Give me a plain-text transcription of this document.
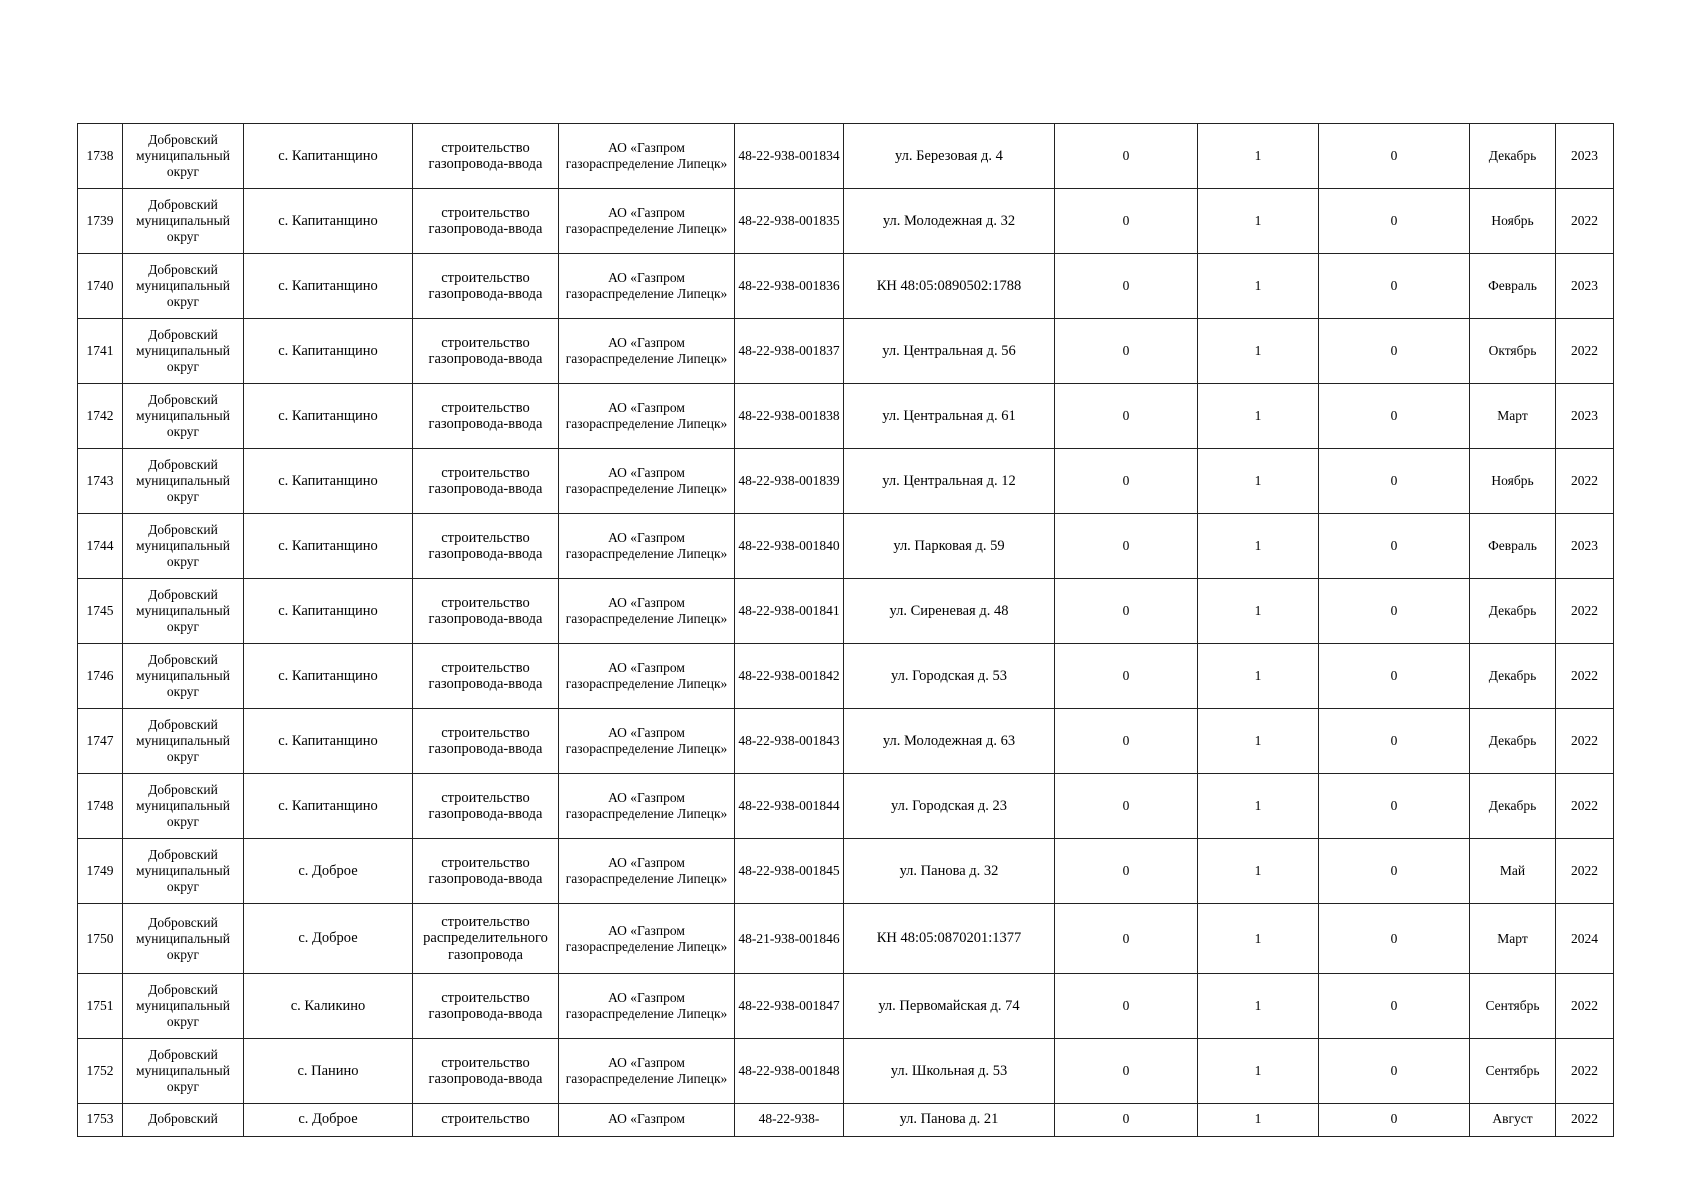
1738	Добровский муниципальный округ	с. Капитанщино	строительство газопровода-ввода	АО «Газпром газораспределение Липецк»	48-22-938-001834	ул. Березовая д. 4	0	1	0	Декабрь	2023
1739	Добровский муниципальный округ	с. Капитанщино	строительство газопровода-ввода	АО «Газпром газораспределение Липецк»	48-22-938-001835	ул. Молодежная д. 32	0	1	0	Ноябрь	2022
1740	Добровский муниципальный округ	с. Капитанщино	строительство газопровода-ввода	АО «Газпром газораспределение Липецк»	48-22-938-001836	КН 48:05:0890502:1788	0	1	0	Февраль	2023
1741	Добровский муниципальный округ	с. Капитанщино	строительство газопровода-ввода	АО «Газпром газораспределение Липецк»	48-22-938-001837	ул. Центральная д. 56	0	1	0	Октябрь	2022
1742	Добровский муниципальный округ	с. Капитанщино	строительство газопровода-ввода	АО «Газпром газораспределение Липецк»	48-22-938-001838	ул. Центральная д. 61	0	1	0	Март	2023
1743	Добровский муниципальный округ	с. Капитанщино	строительство газопровода-ввода	АО «Газпром газораспределение Липецк»	48-22-938-001839	ул. Центральная д. 12	0	1	0	Ноябрь	2022
1744	Добровский муниципальный округ	с. Капитанщино	строительство газопровода-ввода	АО «Газпром газораспределение Липецк»	48-22-938-001840	ул. Парковая д. 59	0	1	0	Февраль	2023
1745	Добровский муниципальный округ	с. Капитанщино	строительство газопровода-ввода	АО «Газпром газораспределение Липецк»	48-22-938-001841	ул. Сиреневая д. 48	0	1	0	Декабрь	2022
1746	Добровский муниципальный округ	с. Капитанщино	строительство газопровода-ввода	АО «Газпром газораспределение Липецк»	48-22-938-001842	ул. Городская д. 53	0	1	0	Декабрь	2022
1747	Добровский муниципальный округ	с. Капитанщино	строительство газопровода-ввода	АО «Газпром газораспределение Липецк»	48-22-938-001843	ул. Молодежная д. 63	0	1	0	Декабрь	2022
1748	Добровский муниципальный округ	с. Капитанщино	строительство газопровода-ввода	АО «Газпром газораспределение Липецк»	48-22-938-001844	ул. Городская д. 23	0	1	0	Декабрь	2022
1749	Добровский муниципальный округ	с. Доброе	строительство газопровода-ввода	АО «Газпром газораспределение Липецк»	48-22-938-001845	ул. Панова д. 32	0	1	0	Май	2022
1750	Добровский муниципальный округ	с. Доброе	строительство распределительного газопровода	АО «Газпром газораспределение Липецк»	48-21-938-001846	КН 48:05:0870201:1377	0	1	0	Март	2024
1751	Добровский муниципальный округ	с. Каликино	строительство газопровода-ввода	АО «Газпром газораспределение Липецк»	48-22-938-001847	ул. Первомайская д. 74	0	1	0	Сентябрь	2022
1752	Добровский муниципальный округ	с. Панино	строительство газопровода-ввода	АО «Газпром газораспределение Липецк»	48-22-938-001848	ул. Школьная д. 53	0	1	0	Сентябрь	2022
1753	Добровский	с. Доброе	строительство	АО «Газпром	48-22-938-	ул. Панова д. 21	0	1	0	Август	2022
